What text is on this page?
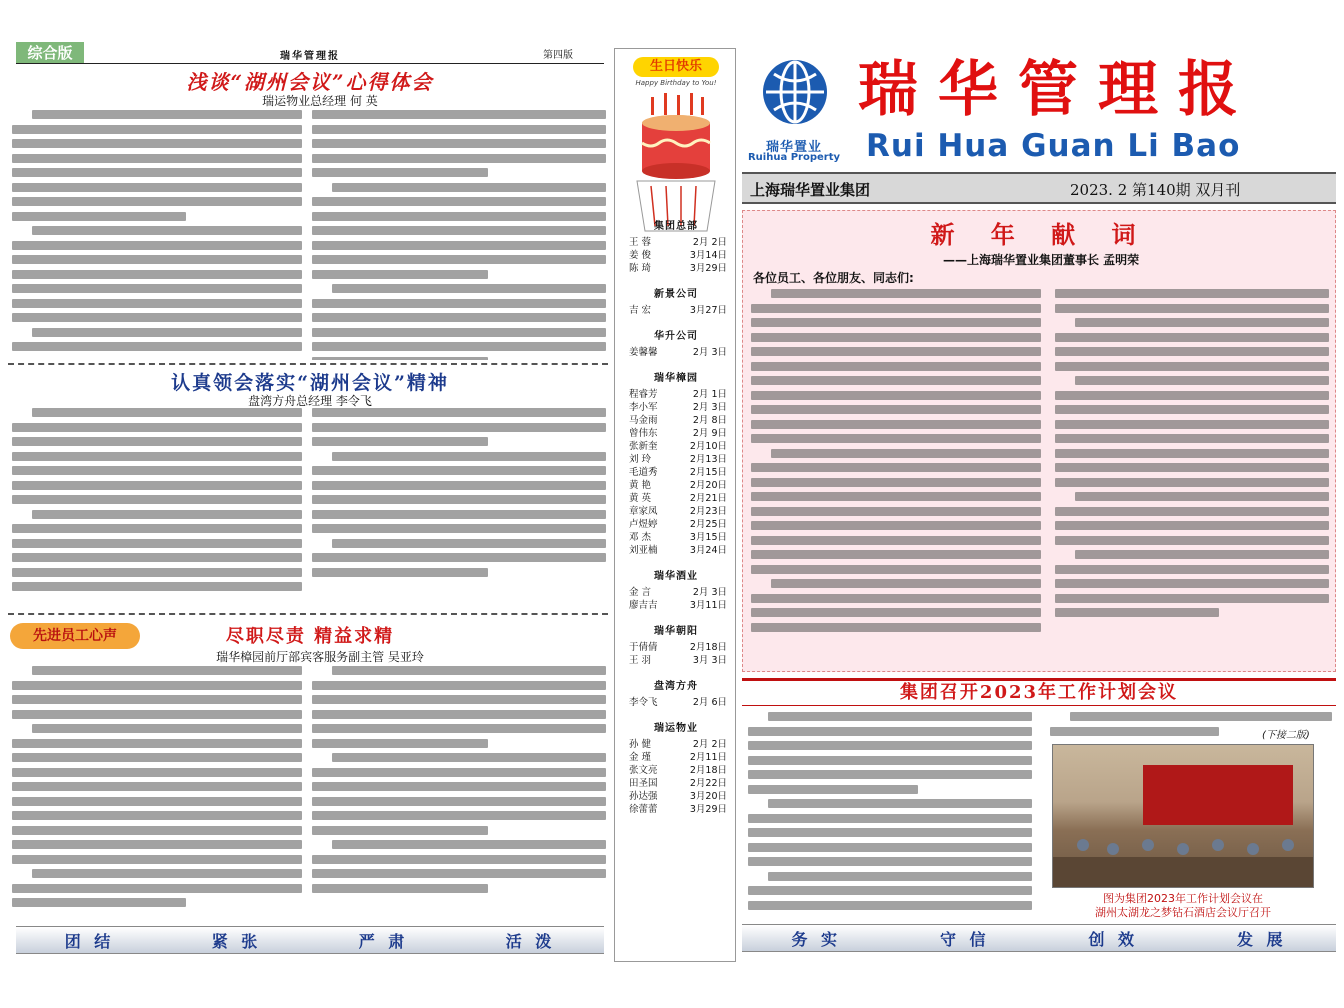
综合版	瑞华管理报	第四版
浅谈“湖州会议”心得体会
瑞运物业总经理 何 英
认真领会落实“湖州会议”精神
盘湾方舟总经理 李令飞
先进员工心声	尽职尽责 精益求精
瑞华樟园前厅部宾客服务副主管 吴亚玲
团 结	紧 张	严 肃	活 泼
生日快乐
Happy Birthday to You!
集团总部
王 蓉	2月 2日
姜 俊	3月14日
陈 琦	3月29日
新景公司
吉 宏	3月27日
华升公司
姜馨馨	2月 3日
瑞华樟园
程睿芳	2月 1日
李小军	2月 3日
马金雨	2月 8日
曾伟东	2月 9日
张新奎	2月10日
刘 玲	2月13日
毛道秀	2月15日
黄 艳	2月20日
黄 英	2月21日
章家凤	2月23日
卢煜婷	2月25日
邓 杰	3月15日
刘亚楠	3月24日
瑞华酒业
金 言	2月 3日
廖吉吉	3月11日
瑞华朝阳
于倩倩	2月18日
王 羽	3月 3日
盘湾方舟
李令飞	2月 6日
瑞运物业
孙 健	2月 2日
金 瑾	2月11日
张文亮	2月18日
田圣国	2月22日
孙达强	3月20日
徐蕾蕾	3月29日
瑞华置业
Ruihua Property
瑞华管理报
Rui Hua Guan Li Bao
上海瑞华置业集团	2023. 2 第140期 双月刊
新 年 献 词
——上海瑞华置业集团董事长 孟明荣
各位员工、各位朋友、同志们:
集团召开2023年工作计划会议
(下接二版)
图为集团2023年工作计划会议在
湖州太湖龙之梦钻石酒店会议厅召开
务 实	守 信	创 效	发 展
